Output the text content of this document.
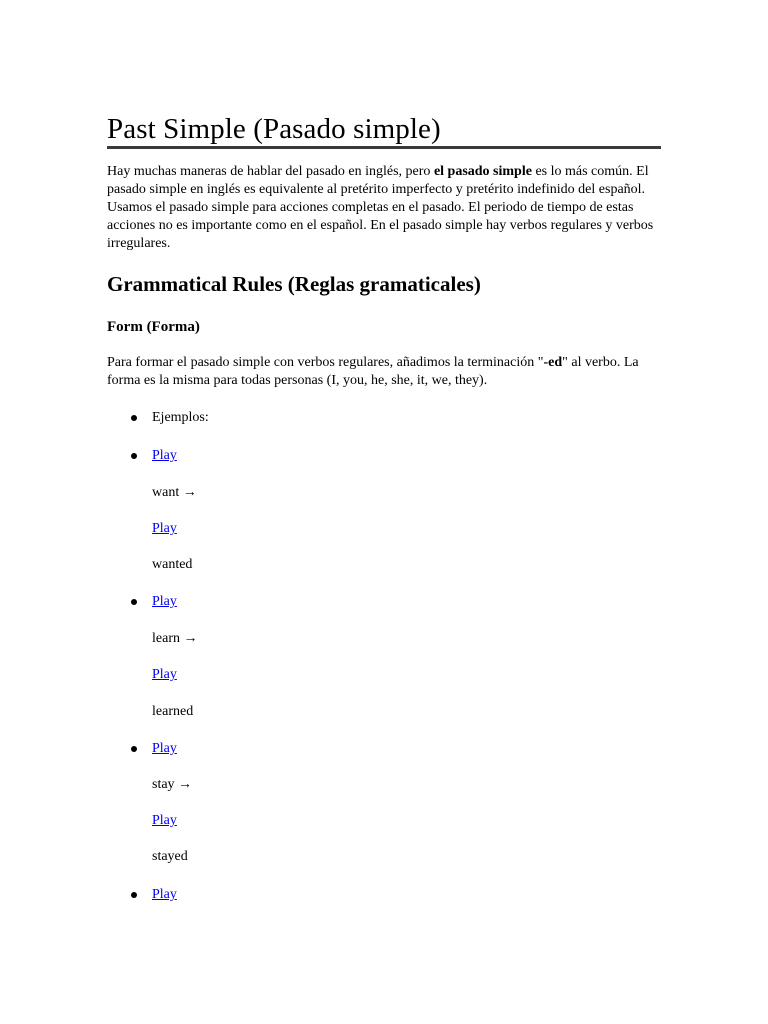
Past Simple (Pasado simple)

Hay muchas maneras de hablar del pasado en inglés, pero el pasado simple es lo más común. El pasado simple en inglés es equivalente al pretérito imperfecto y pretérito indefinido del español. Usamos el pasado simple para acciones completas en el pasado. El periodo de tiempo de estas acciones no es importante como en el español. En el pasado simple hay verbos regulares y verbos irregulares.

Grammatical Rules (Reglas gramaticales)
Form (Forma)

Para formar el pasado simple con verbos regulares, añadimos la terminación "-ed" al verbo. La forma es la misma para todas personas (I, you, he, she, it, we, they).

Ejemplos:
Play
want →
Play
wanted
Play
learn →
Play
learned
Play
stay →
Play
stayed
Play
